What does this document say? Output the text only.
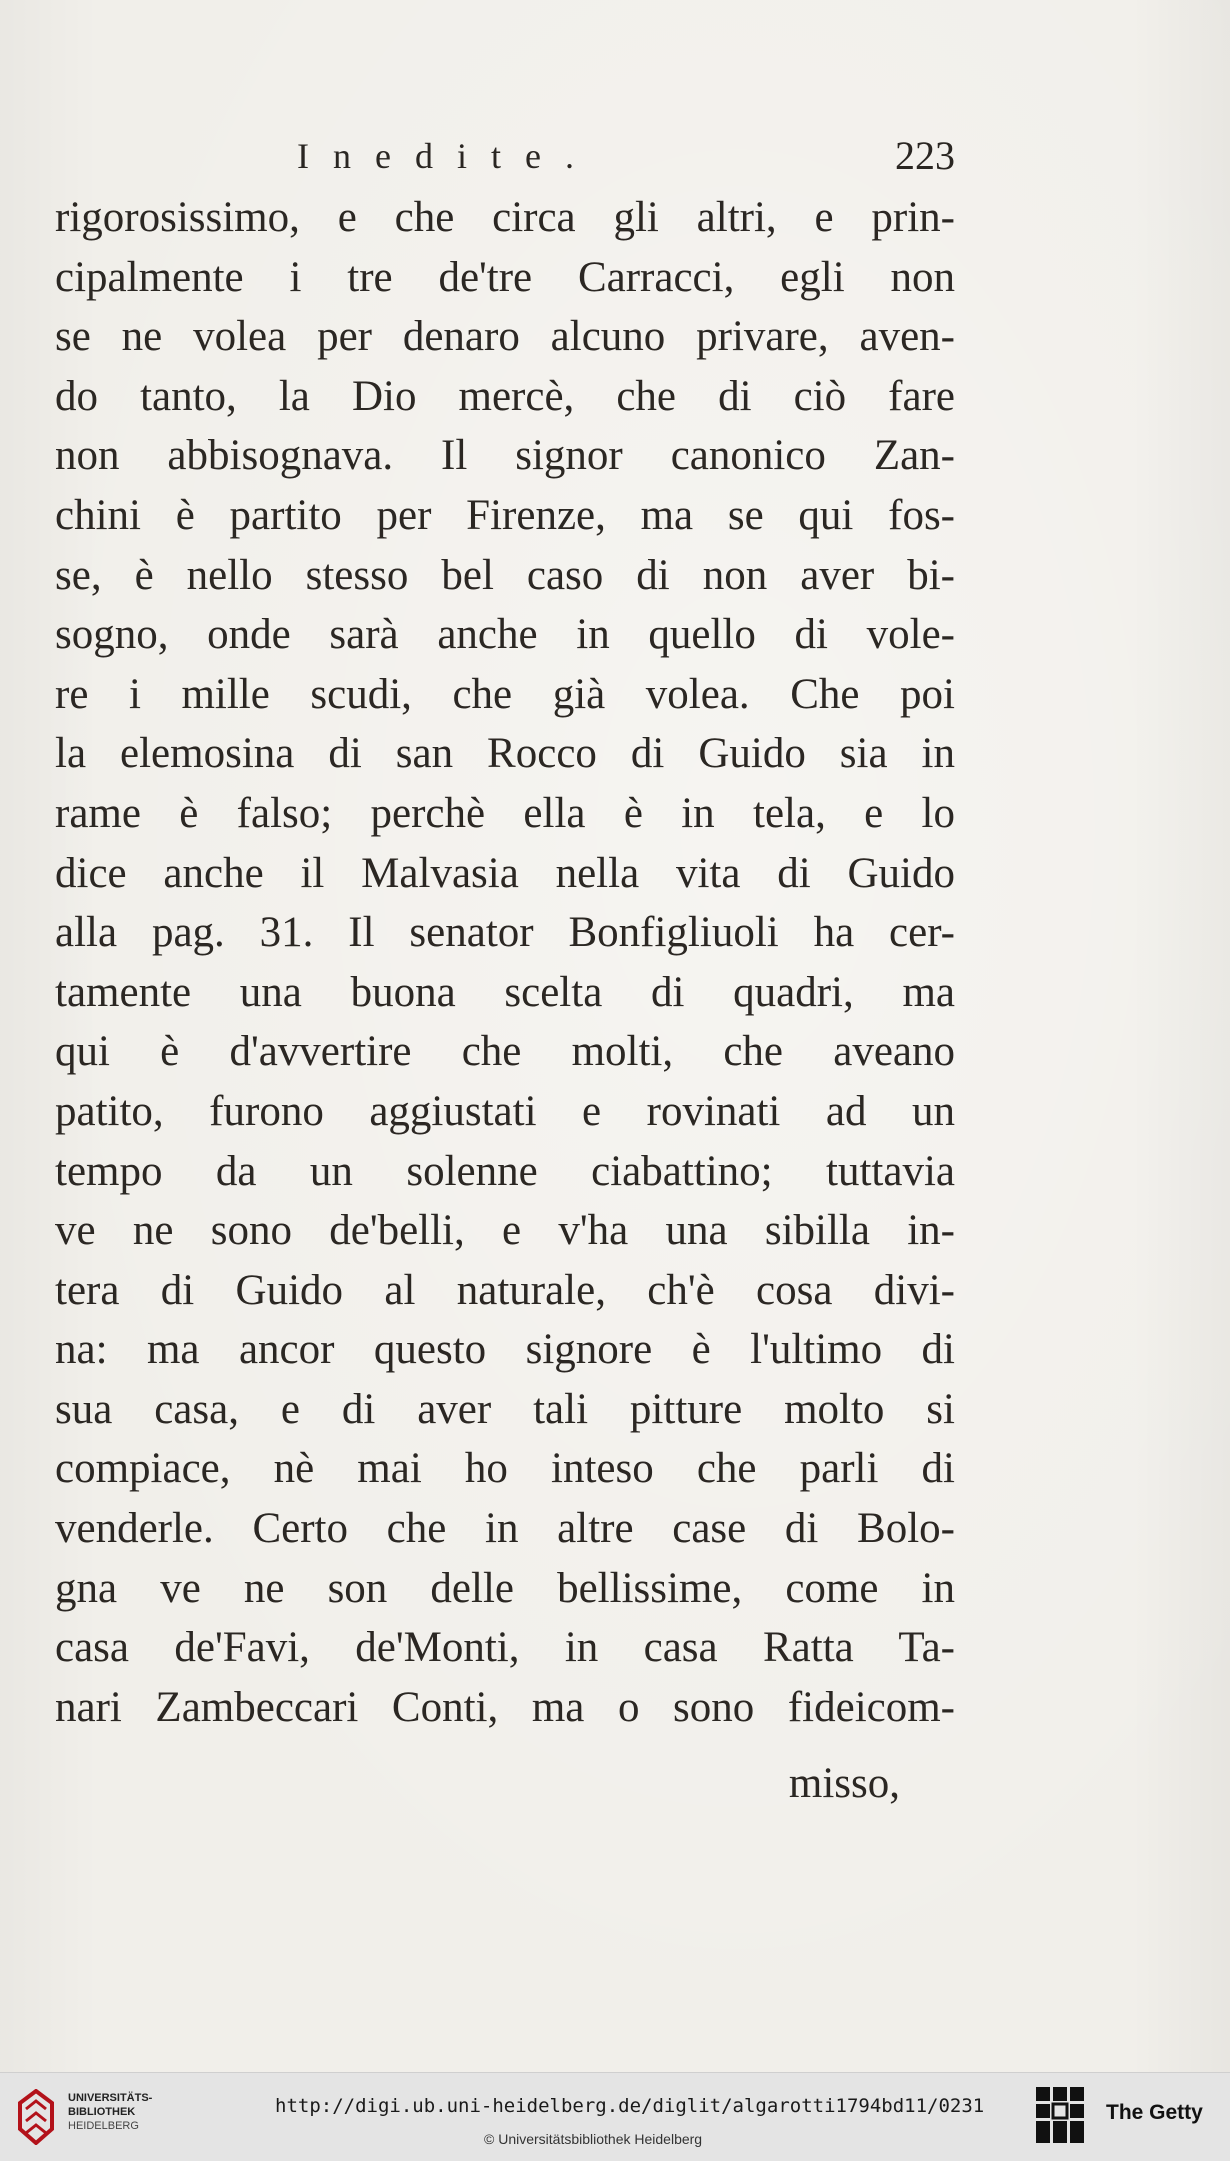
Inedite.	223
rigorosissimo, e che circa gli altri, e prin-
cipalmente i tre de'tre Carracci, egli non
se ne volea per denaro alcuno privare, aven-
do tanto, la Dio mercè, che di ciò fare
non abbisognava. Il signor canonico Zan-
chini è partito per Firenze, ma se qui fos-
se, è nello stesso bel caso di non aver bi-
sogno, onde sarà anche in quello di vole-
re i mille scudi, che già volea. Che poi
la elemosina di san Rocco di Guido sia in
rame è falso; perchè ella è in tela, e lo
dice anche il Malvasia nella vita di Guido
alla pag. 31. Il senator Bonfigliuoli ha cer-
tamente una buona scelta di quadri, ma
qui è d'avvertire che molti, che aveano
patito, furono aggiustati e rovinati ad un
tempo da un solenne ciabattino; tuttavia
ve ne sono de'belli, e v'ha una sibilla in-
tera di Guido al naturale, ch'è cosa divi-
na: ma ancor questo signore è l'ultimo di
sua casa, e di aver tali pitture molto si
compiace, nè mai ho inteso che parli di
venderle. Certo che in altre case di Bolo-
gna ve ne son delle bellissime, come in
casa de'Favi, de'Monti, in casa Ratta Ta-
nari Zambeccari Conti, ma o sono fideicom-
misso,
UNIVERSITÄTS-
BIBLIOTHEK
HEIDELBERG
http://digi.ub.uni-heidelberg.de/diglit/algarotti1794bd11/0231
© Universitätsbibliothek Heidelberg
The Getty
